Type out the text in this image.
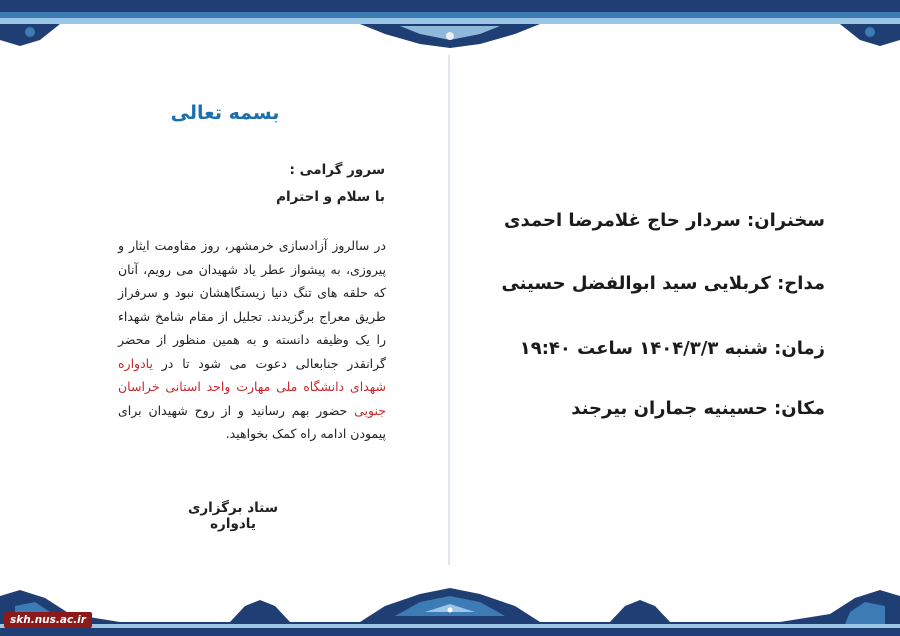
بسمه تعالی
سرور گرامی :
با سلام و احترام
در سالروز آزادسازی خرمشهر، روز مقاومت ایثار و پیروزی، به پیشواز عطر یاد شهیدان می رویم، آنان که حلقه های تنگ دنیا زیستگاهشان نبود و سرفراز طریق معراج برگزیدند. تجلیل از مقام شامخ شهداء را یک وظیفه دانسته و به همین منظور از محضر گرانقدر جنابعالی دعوت می شود تا در یادواره شهدای دانشگاه ملی مهارت واحد استانی خراسان جنوبی حضور بهم رسانید و از روح شهیدان برای پیمودن ادامه راه کمک بخواهید.
ستاد برگزاری یادواره
سخنران: سردار حاج غلامرضا احمدی
مداح: کربلایی سید ابوالفضل حسینی
زمان: شنبه ۱۴۰۴/۳/۳ ساعت ۱۹:۴۰
مکان: حسینیه جماران بیرجند
skh.nus.ac.ir
